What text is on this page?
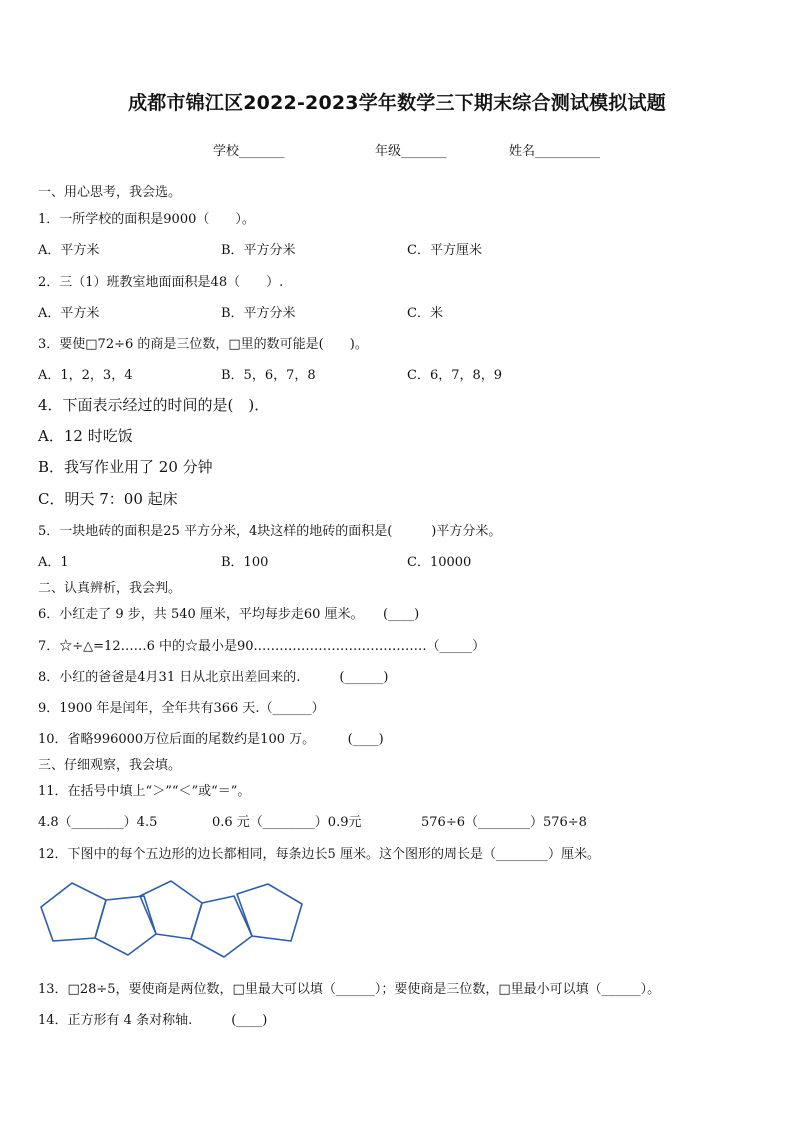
成都市锦江区2022-2023学年数学三下期末综合测试模拟试题
学校_______	年级_______	姓名__________
一、用心思考，我会选。
1．一所学校的面积是9000（　　）。
A．平方米	B．平方分米	C．平方厘米
2．三（1）班教室地面面积是48（　　）.
A．平方米	B．平方分米	C．米
3．要使□72÷6 的商是三位数，□里的数可能是(　　)。
A．1，2，3，4	B．5，6，7，8	C．6，7，8，9
4．下面表示经过的时间的是(　)．
A．12 时吃饭
B．我写作业用了 20 分钟
C．明天 7：00 起床
5．一块地砖的面积是25 平方分米，4块这样的地砖的面积是(　　　)平方分米。
A．1	B．100	C．10000
二、认真辨析，我会判。
6．小红走了 9 步，共 540 厘米，平均每步走60 厘米。　　(____)
7．☆÷△=12……6 中的☆最小是90.…………………………………（_____）
8．小红的爸爸是4月31 日从北京出差回来的.　　　(______)
9．1900 年是闰年，全年共有366 天.（______）
10．省略996000万位后面的尾数约是100 万。　　　(____)
三、仔细观察，我会填。
11．在括号中填上“＞”“＜”或“＝”。
4.8（________）4.5	0.6 元（________）0.9元	576÷6（________）576÷8
12．下图中的每个五边形的边长都相同，每条边长5 厘米。这个图形的周长是（________）厘米。
13．□28÷5，要使商是两位数，□里最大可以填（______）；要使商是三位数，□里最小可以填（______）。
14．正方形有 4 条对称轴.　　　(____)
